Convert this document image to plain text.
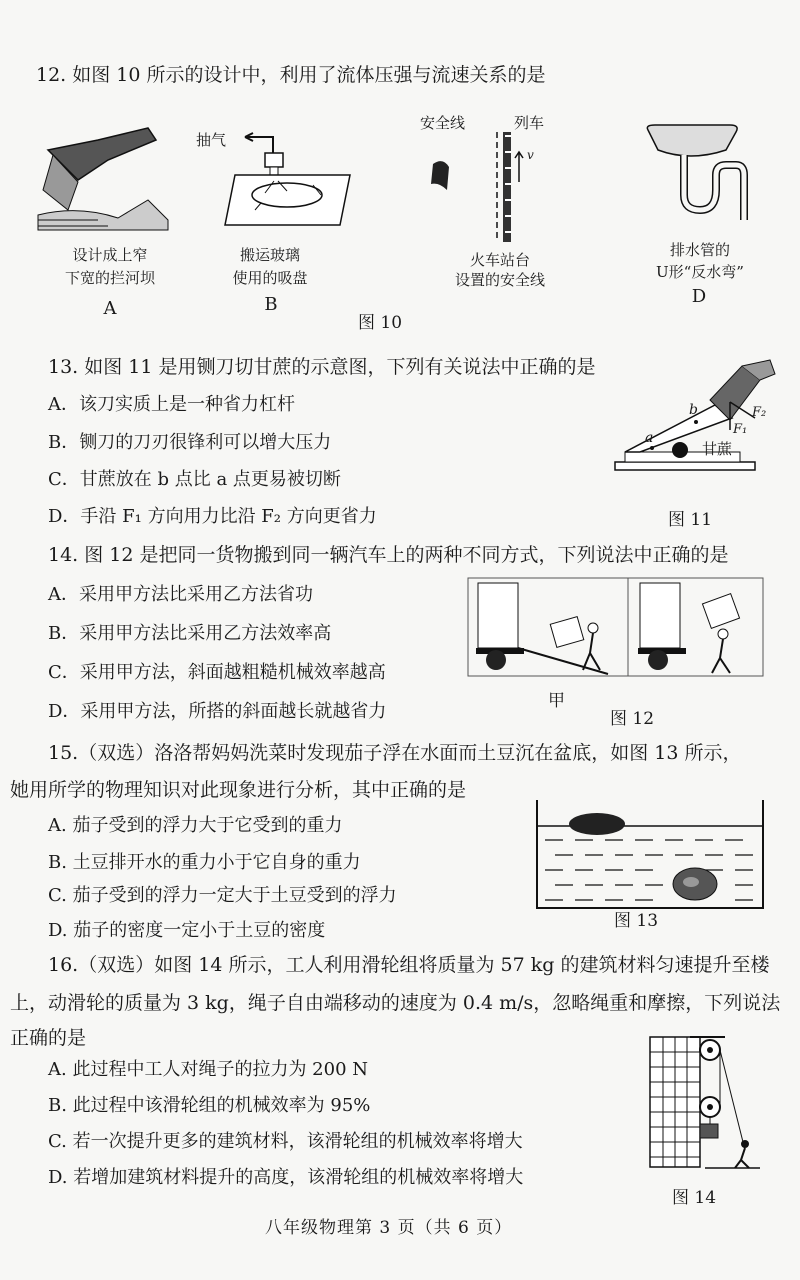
12. 如图 10 所示的设计中，利用了流体压强与流速关系的是
设计成上窄
下宽的拦河坝
A
抽气
搬运玻璃
使用的吸盘
B
安全线	列车
v
火车站台
设置的安全线
排水管的
U形“反水弯”
D
图 10
13. 如图 11 是用铡刀切甘蔗的示意图，下列有关说法中正确的是
A．该刀实质上是一种省力杠杆
B．铡刀的刀刃很锋利可以增大压力
C．甘蔗放在 b 点比 a 点更易被切断
D．手沿 F₁ 方向用力比沿 F₂ 方向更省力
a
b
F₁
F₂
甘蔗
图 11
14. 图 12 是把同一货物搬到同一辆汽车上的两种不同方式，下列说法中正确的是
A．采用甲方法比采用乙方法省功
B．采用甲方法比采用乙方法效率高
C．采用甲方法，斜面越粗糙机械效率越高
D．采用甲方法，所搭的斜面越长就越省力	甲
图 12
15.（双选）洛洛帮妈妈洗菜时发现茄子浮在水面而土豆沉在盆底，如图 13 所示，
她用所学的物理知识对此现象进行分析，其中正确的是
A. 茄子受到的浮力大于它受到的重力
B. 土豆排开水的重力小于它自身的重力
C. 茄子受到的浮力一定大于土豆受到的浮力
D. 茄子的密度一定小于土豆的密度	图 13
16.（双选）如图 14 所示，工人利用滑轮组将质量为 57 kg 的建筑材料匀速提升至楼
上，动滑轮的质量为 3 kg，绳子自由端移动的速度为 0.4 m/s，忽略绳重和摩擦，下列说法
正确的是
A. 此过程中工人对绳子的拉力为 200 N
B. 此过程中该滑轮组的机械效率为 95%
C. 若一次提升更多的建筑材料，该滑轮组的机械效率将增大
D. 若增加建筑材料提升的高度，该滑轮组的机械效率将增大
图 14
八年级物理第 3 页（共 6 页）
